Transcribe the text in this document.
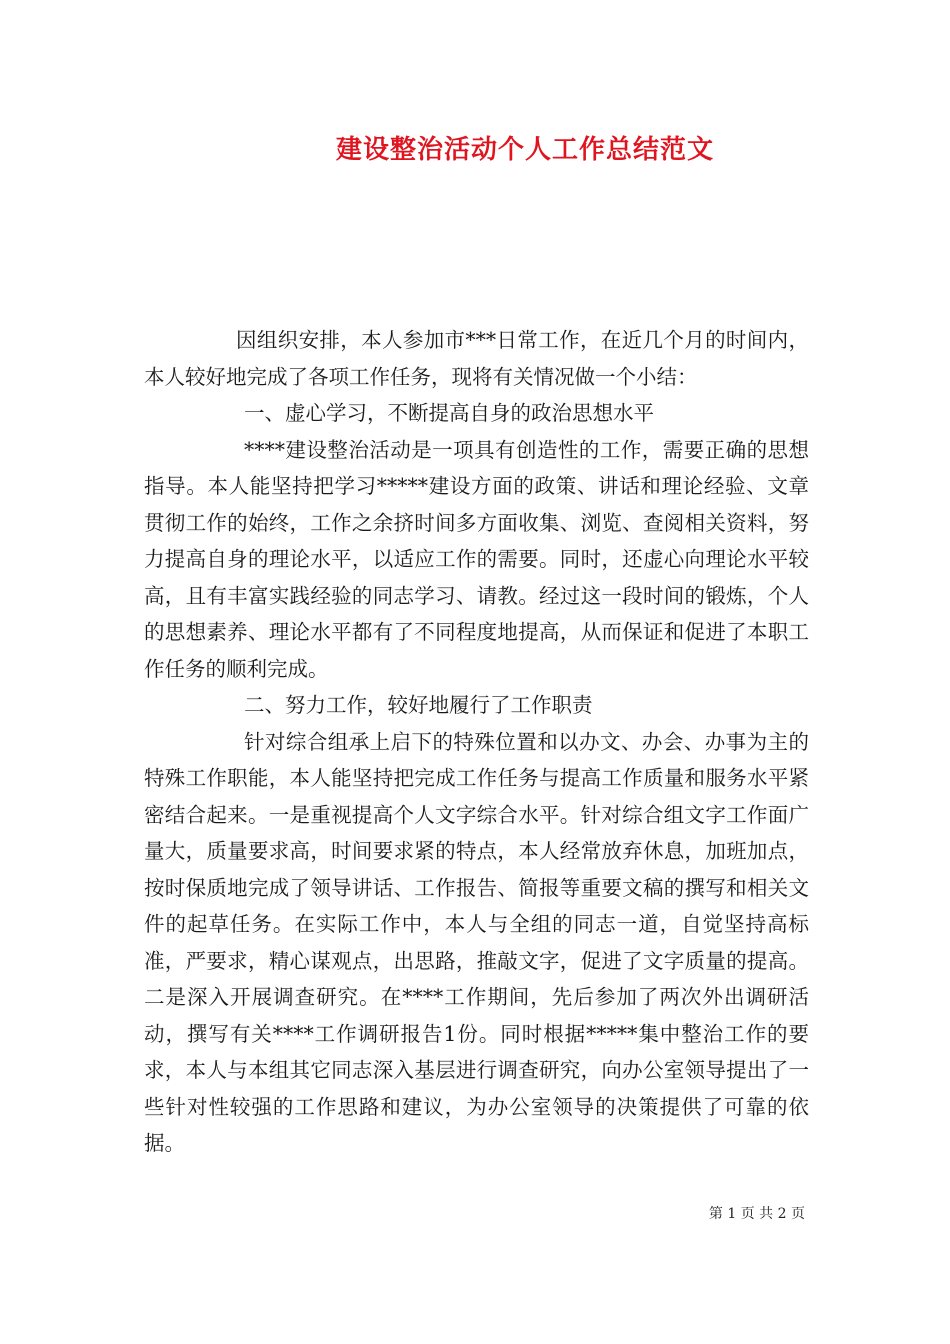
建设整治活动个人工作总结范文

因组织安排，本人参加市***日常工作，在近几个月的时间内，本人较好地完成了各项工作任务，现将有关情况做一个小结：

一、虚心学习，不断提高自身的政治思想水平

****建设整治活动是一项具有创造性的工作，需要正确的思想指导。本人能坚持把学习*****建设方面的政策、讲话和理论经验、文章贯彻工作的始终，工作之余挤时间多方面收集、浏览、查阅相关资料，努力提高自身的理论水平，以适应工作的需要。同时，还虚心向理论水平较高，且有丰富实践经验的同志学习、请教。经过这一段时间的锻炼，个人的思想素养、理论水平都有了不同程度地提高，从而保证和促进了本职工作任务的顺利完成。

二、努力工作，较好地履行了工作职责

针对综合组承上启下的特殊位置和以办文、办会、办事为主的特殊工作职能，本人能坚持把完成工作任务与提高工作质量和服务水平紧密结合起来。一是重视提高个人文字综合水平。针对综合组文字工作面广量大，质量要求高，时间要求紧的特点，本人经常放弃休息，加班加点，按时保质地完成了领导讲话、工作报告、简报等重要文稿的撰写和相关文件的起草任务。在实际工作中，本人与全组的同志一道，自觉坚持高标准，严要求，精心谋观点，出思路，推敲文字，促进了文字质量的提高。二是深入开展调查研究。在****工作期间，先后参加了两次外出调研活动，撰写有关****工作调研报告1份。同时根据*****集中整治工作的要求，本人与本组其它同志深入基层进行调查研究，向办公室领导提出了一些针对性较强的工作思路和建议，为办公室领导的决策提供了可靠的依据。

第 1 页 共 2 页
